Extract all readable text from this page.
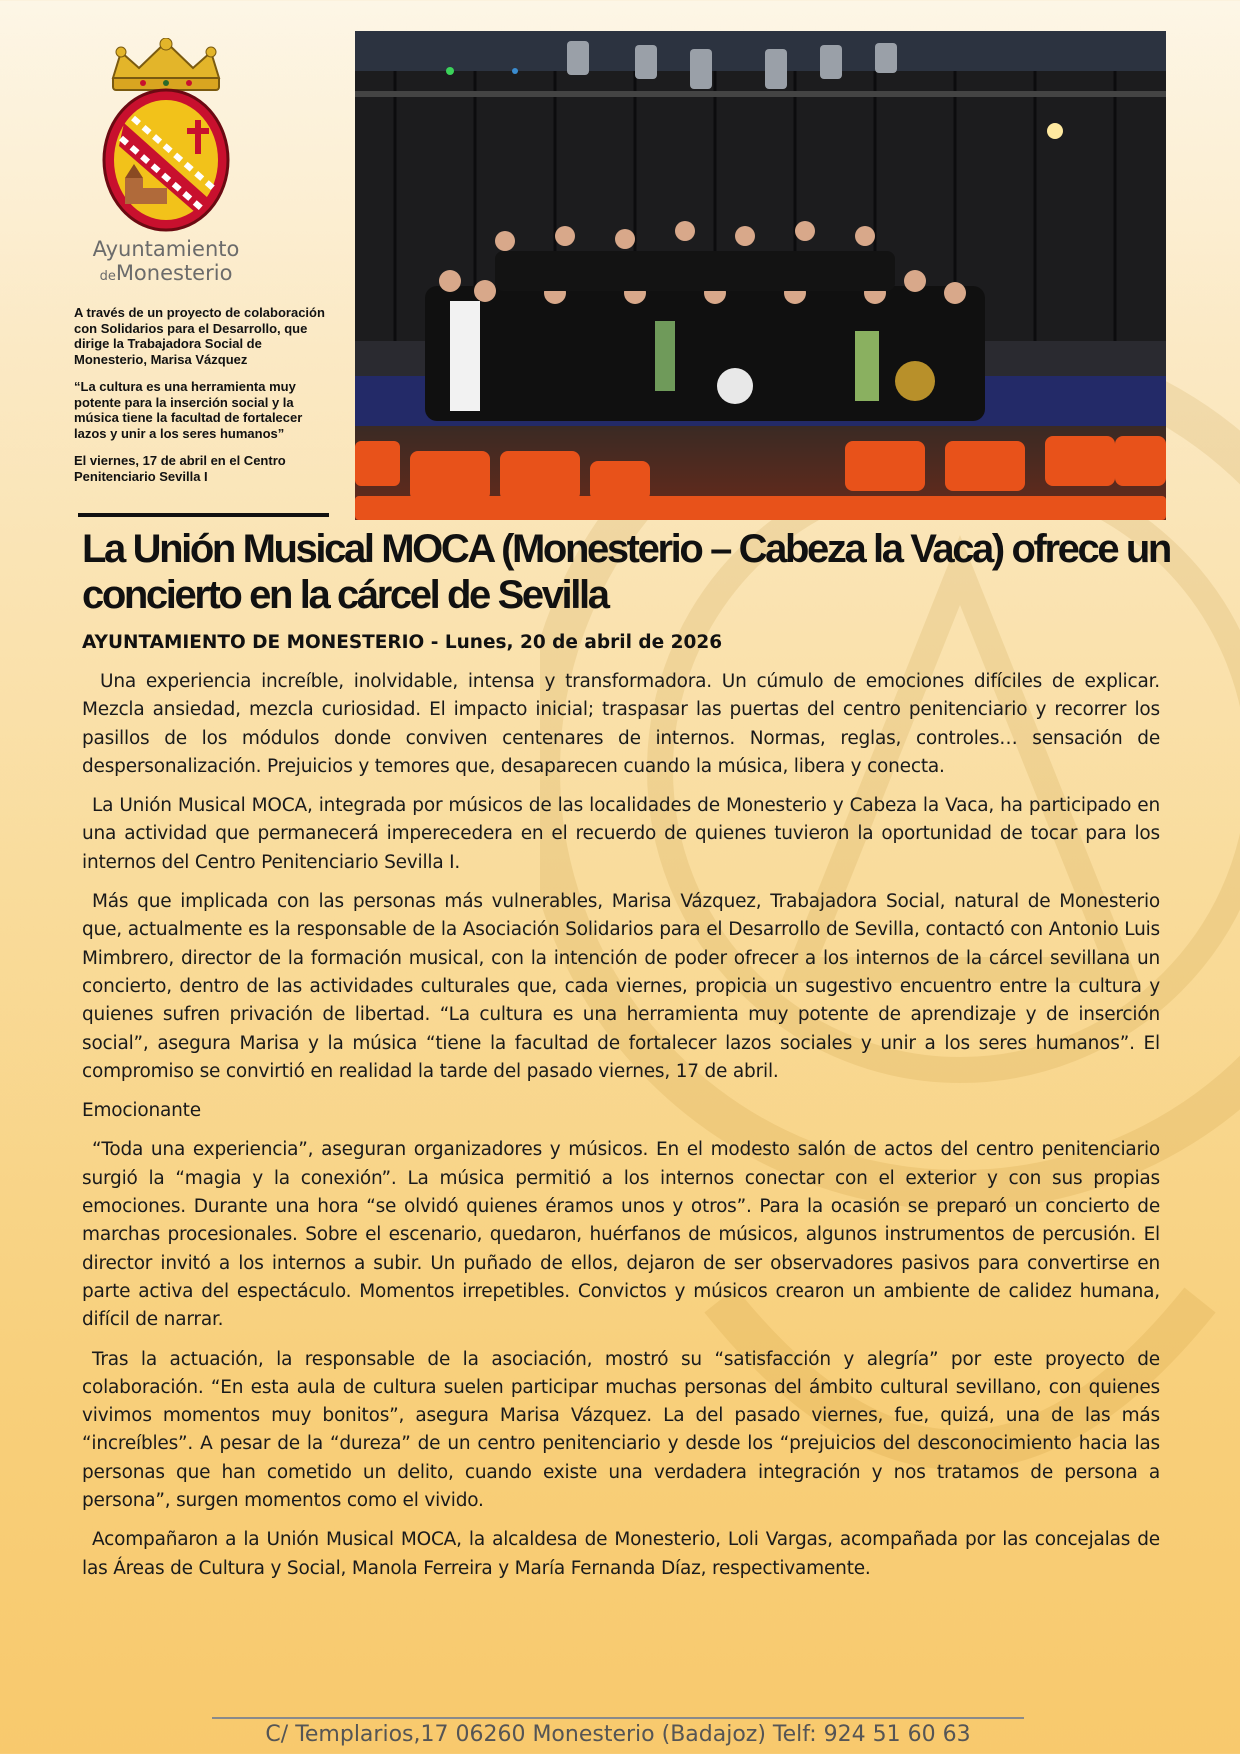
Ayuntamiento
deMonesterio

A través de un proyecto de colaboración con Solidarios para el Desarrollo, que dirige la Trabajadora Social de Monesterio, Marisa Vázquez

“La cultura es una herramienta muy potente para la inserción social y la música tiene la facultad de fortalecer lazos y unir a los seres humanos”

El viernes, 17 de abril en el Centro Penitenciario Sevilla I

La Unión Musical MOCA (Monesterio – Cabeza la Vaca) ofrece un concierto en la cárcel de Sevilla

AYUNTAMIENTO DE MONESTERIO - Lunes, 20 de abril de 2026

Una experiencia increíble, inolvidable, intensa y transformadora. Un cúmulo de emociones difíciles de explicar. Mezcla ansiedad, mezcla curiosidad. El impacto inicial; traspasar las puertas del centro penitenciario y recorrer los pasillos de los módulos donde conviven centenares de internos. Normas, reglas, controles… sensación de despersonalización. Prejuicios y temores que, desaparecen cuando la música, libera y conecta.

La Unión Musical MOCA, integrada por músicos de las localidades de Monesterio y Cabeza la Vaca, ha participado en una actividad que permanecerá imperecedera en el recuerdo de quienes tuvieron la oportunidad de tocar para los internos del Centro Penitenciario Sevilla I.

Más que implicada con las personas más vulnerables, Marisa Vázquez, Trabajadora Social, natural de Monesterio que, actualmente es la responsable de la Asociación Solidarios para el Desarrollo de Sevilla, contactó con Antonio Luis Mimbrero, director de la formación musical, con la intención de poder ofrecer a los internos de la cárcel sevillana un concierto, dentro de las actividades culturales que, cada viernes, propicia un sugestivo encuentro entre la cultura y quienes sufren privación de libertad. “La cultura es una herramienta muy potente de aprendizaje y de inserción social”, asegura Marisa y la música “tiene la facultad de fortalecer lazos sociales y unir a los seres humanos”. El compromiso se convirtió en realidad la tarde del pasado viernes, 17 de abril.

Emocionante

“Toda una experiencia”, aseguran organizadores y músicos. En el modesto salón de actos del centro penitenciario surgió la “magia y la conexión”. La música permitió a los internos conectar con el exterior y con sus propias emociones. Durante una hora “se olvidó quienes éramos unos y otros”. Para la ocasión se preparó un concierto de marchas procesionales. Sobre el escenario, quedaron, huérfanos de músicos, algunos instrumentos de percusión. El director invitó a los internos a subir. Un puñado de ellos, dejaron de ser observadores pasivos para convertirse en parte activa del espectáculo. Momentos irrepetibles. Convictos y músicos crearon un ambiente de calidez humana, difícil de narrar.

Tras la actuación, la responsable de la asociación, mostró su “satisfacción y alegría” por este proyecto de colaboración. “En esta aula de cultura suelen participar muchas personas del ámbito cultural sevillano, con quienes vivimos momentos muy bonitos”, asegura Marisa Vázquez. La del pasado viernes, fue, quizá, una de las más “increíbles”. A pesar de la “dureza” de un centro penitenciario y desde los “prejuicios del desconocimiento hacia las personas que han cometido un delito, cuando existe una verdadera integración y nos tratamos de persona a persona”, surgen momentos como el vivido.

Acompañaron a la Unión Musical MOCA, la alcaldesa de Monesterio, Loli Vargas, acompañada por las concejalas de las Áreas de Cultura y Social, Manola Ferreira y María Fernanda Díaz, respectivamente.

C/ Templarios,17 06260 Monesterio (Badajoz) Telf: 924 51 60 63
